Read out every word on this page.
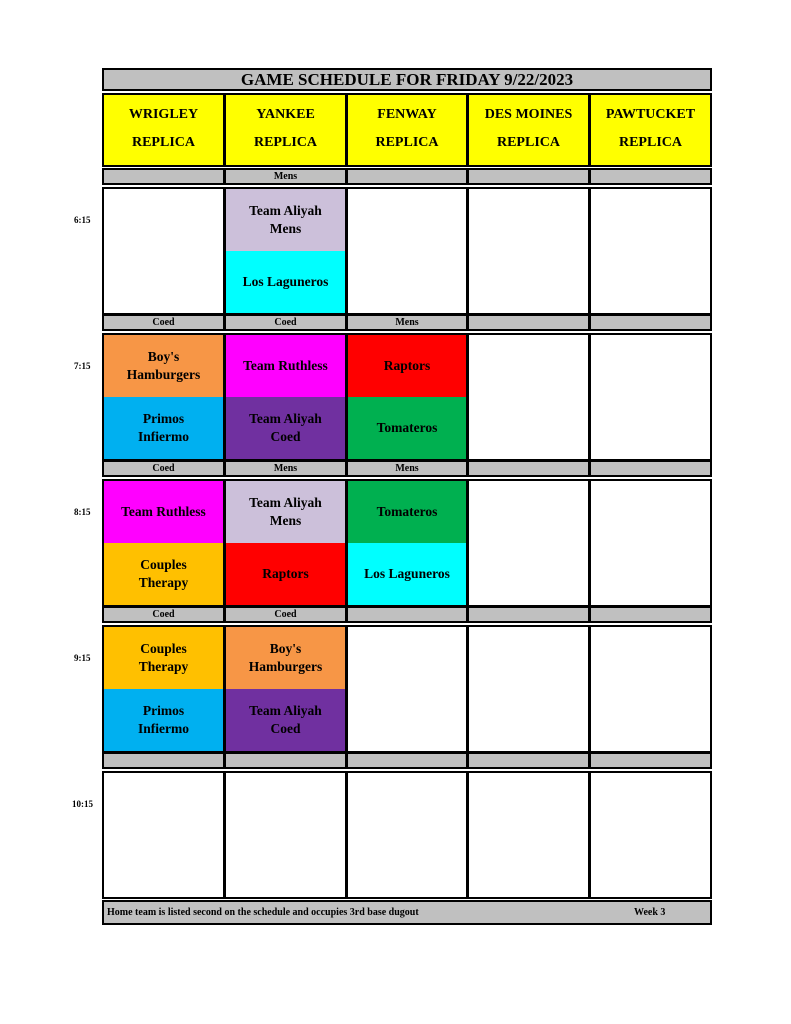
GAME SCHEDULE FOR FRIDAY 9/22/2023
WRIGLEY
REPLICA
YANKEE
REPLICA
FENWAY
REPLICA
DES MOINES
REPLICA
PAWTUCKET
REPLICA
Mens
Team Aliyah Mens
Los Laguneros
Coed
Boy's Hamburgers
Primos Infiermo
Coed
Team Ruthless
Team Aliyah Coed
Mens
Raptors
Tomateros
Coed
Team Ruthless
Couples Therapy
Mens
Team Aliyah Mens
Raptors
Mens
Tomateros
Los Laguneros
Coed
Couples Therapy
Primos Infiermo
Coed
Boy's Hamburgers
Team Aliyah Coed
Home team is listed second on the schedule and occupies 3rd base dugout	Week 3
6:15
7:15
8:15
9:15
10:15
